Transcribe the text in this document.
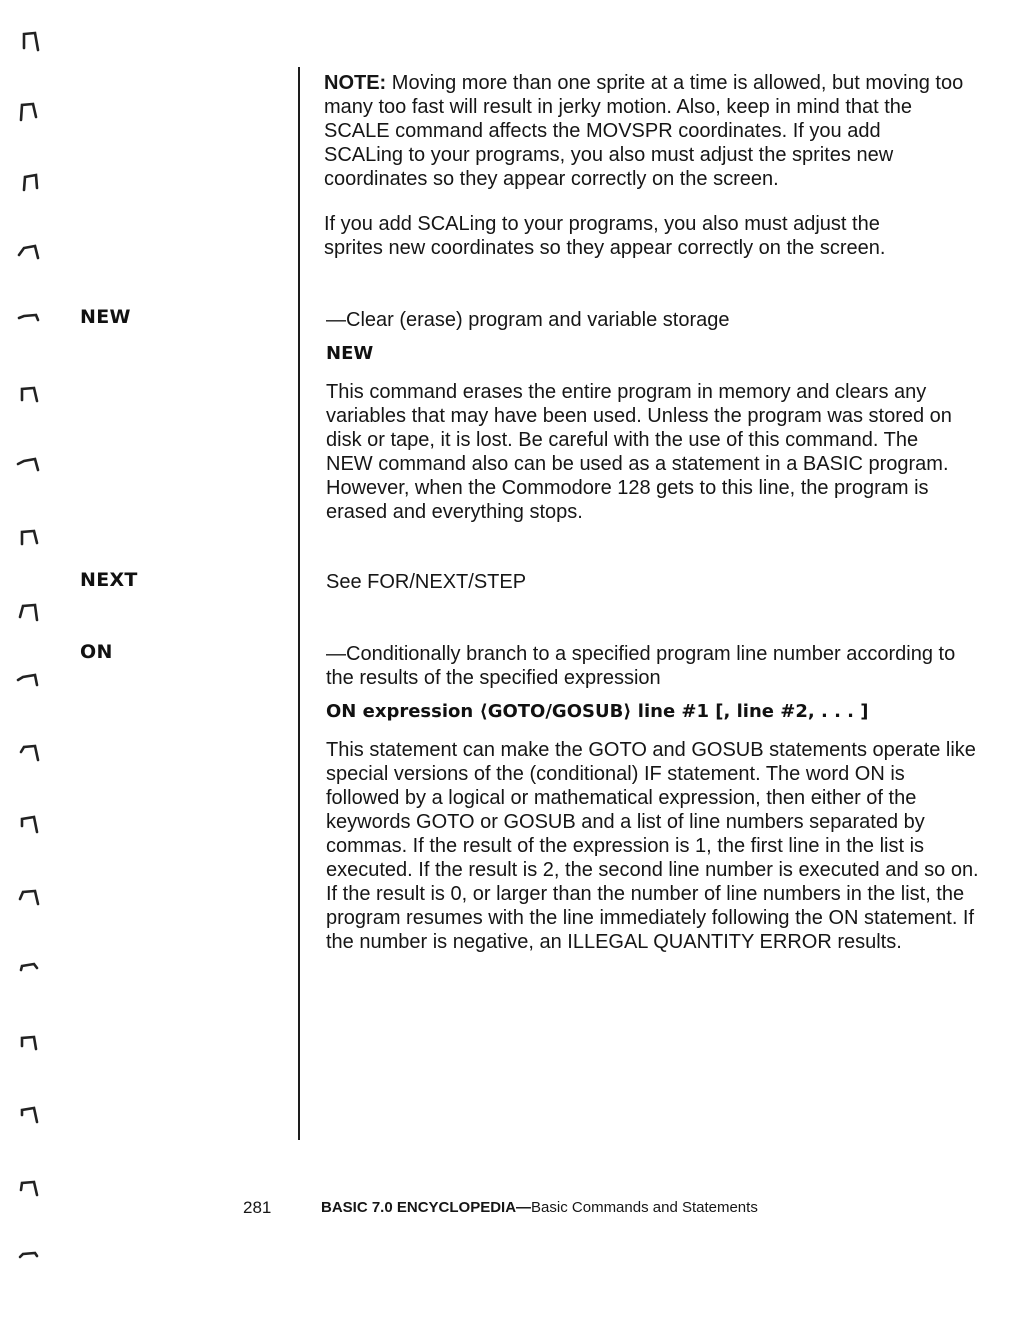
NEW
NEXT
ON

NOTE: Moving more than one sprite at a time is allowed, but moving too many too fast will result in jerky motion. Also, keep in mind that the SCALE command affects the MOVSPR coordinates. If you add SCALing to your programs, you also must adjust the sprites new coordinates so they appear correctly on the screen.

If you add SCALing to your programs, you also must adjust the sprites new coordinates so they appear correctly on the screen.

—Clear (erase) program and variable storage

NEW

This command erases the entire program in memory and clears any variables that may have been used. Unless the program was stored on disk or tape, it is lost. Be careful with the use of this command. The NEW command also can be used as a statement in a BASIC program. However, when the Commodore 128 gets to this line, the program is erased and everything stops.

See FOR/NEXT/STEP

—Conditionally branch to a specified program line number according to the results of the specified expression

ON expression ⟨GOTO/GOSUB⟩ line #1 [, line #2, . . . ]

This statement can make the GOTO and GOSUB statements operate like special versions of the (conditional) IF statement. The word ON is followed by a logical or mathematical expression, then either of the keywords GOTO or GOSUB and a list of line numbers separated by commas. If the result of the expression is 1, the first line in the list is executed. If the result is 2, the second line number is executed and so on. If the result is 0, or larger than the number of line numbers in the list, the program resumes with the line immediately following the ON statement. If the number is negative, an ILLEGAL QUANTITY ERROR results.

281	BASIC 7.0 ENCYCLOPEDIA—Basic Commands and Statements
